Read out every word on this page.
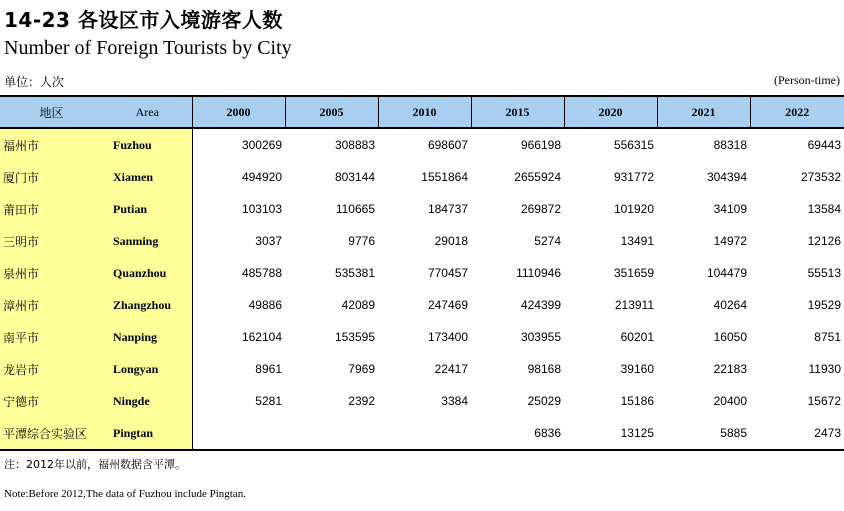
14-23 各设区市入境游客人数
Number of Foreign Tourists by City
单位：人次	(Person-time)
地区	Area	2000	2005	2010	2015	2020	2021	2022
福州市	Fuzhou	300269	308883	698607	966198	556315	88318	69443
厦门市	Xiamen	494920	803144	1551864	2655924	931772	304394	273532
莆田市	Putian	103103	110665	184737	269872	101920	34109	13584
三明市	Sanming	3037	9776	29018	5274	13491	14972	12126
泉州市	Quanzhou	485788	535381	770457	1110946	351659	104479	55513
漳州市	Zhangzhou	49886	42089	247469	424399	213911	40264	19529
南平市	Nanping	162104	153595	173400	303955	60201	16050	8751
龙岩市	Longyan	8961	7969	22417	98168	39160	22183	11930
宁德市	Ningde	5281	2392	3384	25029	15186	20400	15672
平潭综合实验区	Pingtan				6836	13125	5885	2473
注：2012年以前，福州数据含平潭。
Note:Before 2012,The data of Fuzhou include Pingtan.
